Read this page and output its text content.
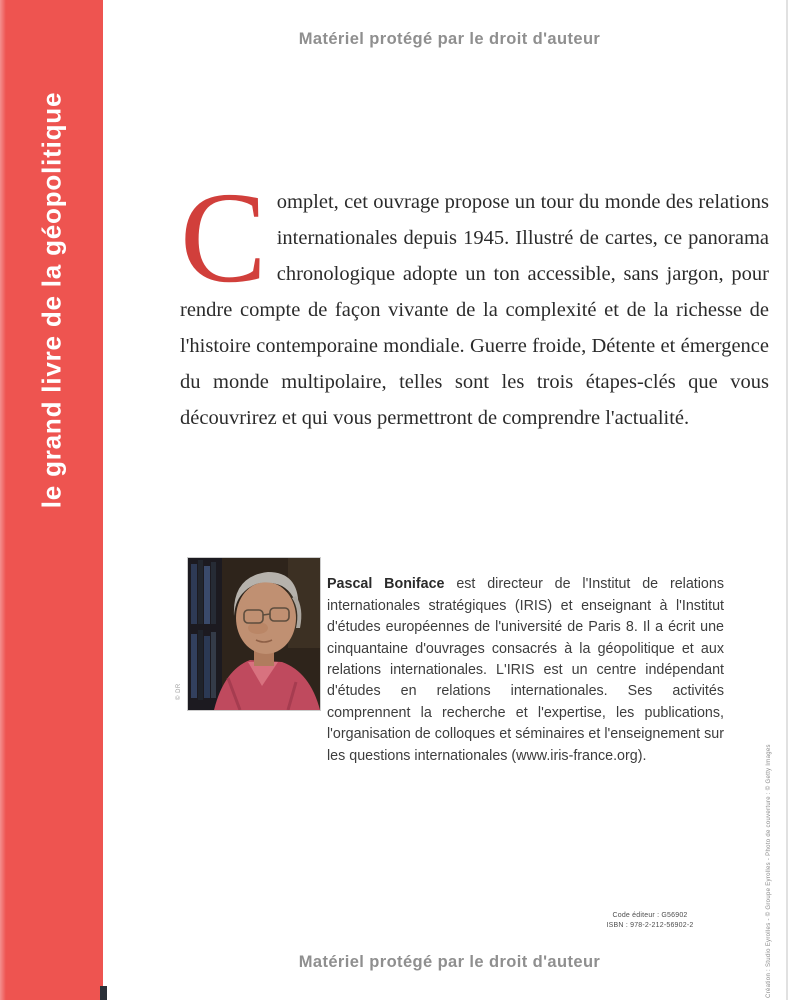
le grand livre de la géopolitique
Matériel protégé par le droit d'auteur
Complet, cet ouvrage propose un tour du monde des relations internationales depuis 1945. Illustré de cartes, ce panorama chronologique adopte un ton accessible, sans jargon, pour rendre compte de façon vivante de la complexité et de la richesse de l'histoire contemporaine mondiale. Guerre froide, Détente et émergence du monde multipolaire, telles sont les trois étapes-clés que vous découvrirez et qui vous permettront de comprendre l'actualité.
© DR

Pascal Boniface est directeur de l'Institut de relations internationales stratégiques (IRIS) et enseignant à l'Institut d'études européennes de l'université de Paris 8. Il a écrit une cinquantaine d'ouvrages consacrés à la géopolitique et aux relations internationales. L'IRIS est un centre indépendant d'études en relations internationales. Ses activités comprennent la recherche et l'expertise, les publications, l'organisation de colloques et séminaires et l'enseignement sur les questions internationales (www.iris-france.org).

Code éditeur : G56902
ISBN : 978-2-212-56902-2	Création : Studio Eyrolles - © Groupe Eyrolles - Photo de couverture : © Getty Images
Matériel protégé par le droit d'auteur
